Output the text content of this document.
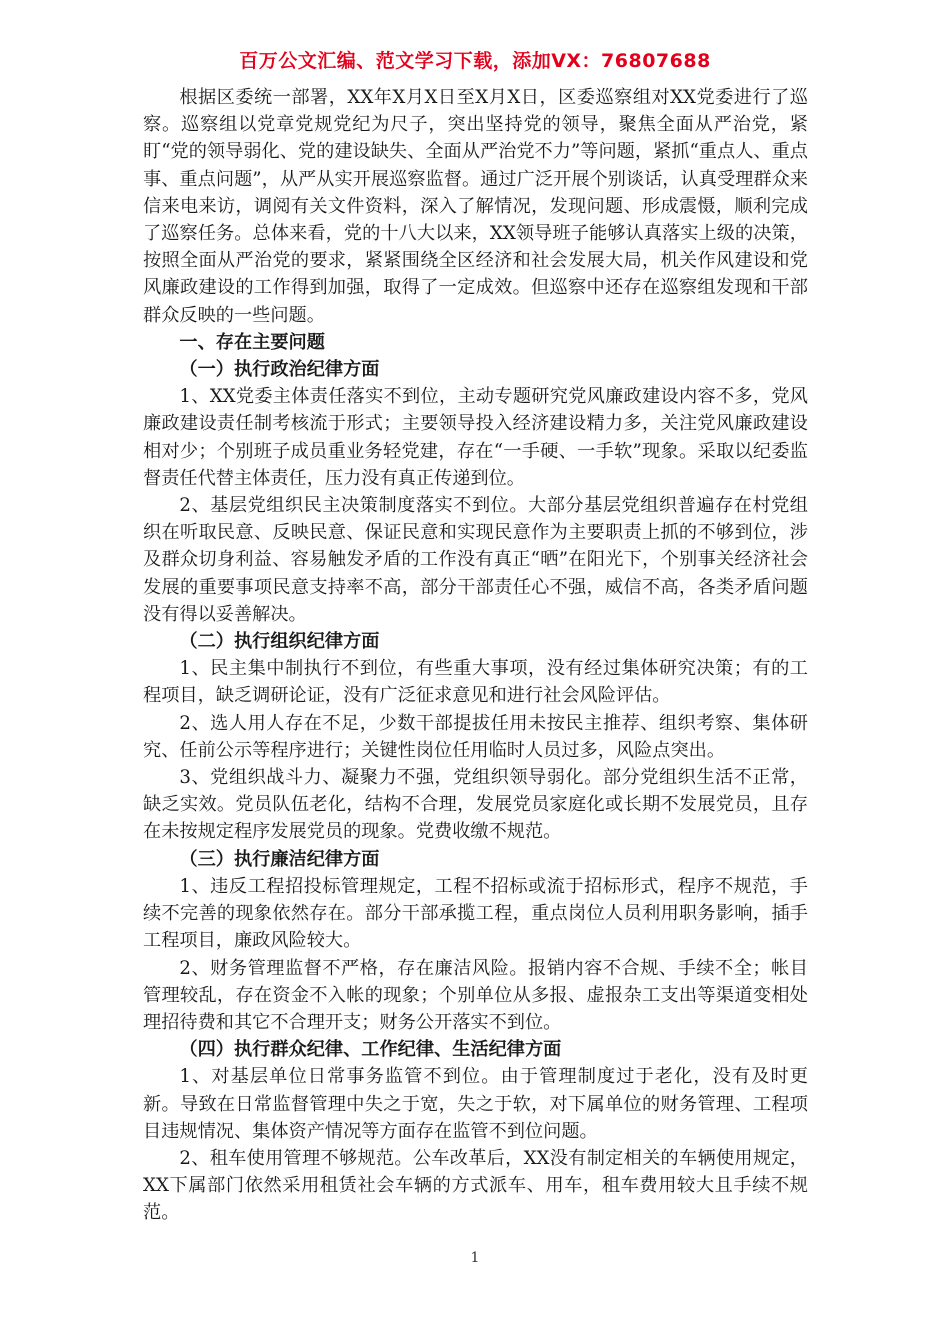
百万公文汇编、范文学习下载，添加VX：76807688

根据区委统一部署，XX年X月X日至X月X日，区委巡察组对XX党委进行了巡察。巡察组以党章党规党纪为尺子，突出坚持党的领导，聚焦全面从严治党，紧盯“党的领导弱化、党的建设缺失、全面从严治党不力”等问题，紧抓“重点人、重点事、重点问题”，从严从实开展巡察监督。通过广泛开展个别谈话，认真受理群众来信来电来访，调阅有关文件资料，深入了解情况，发现问题、形成震慑，顺利完成了巡察任务。总体来看，党的十八大以来，XX领导班子能够认真落实上级的决策，按照全面从严治党的要求，紧紧围绕全区经济和社会发展大局，机关作风建设和党风廉政建设的工作得到加强，取得了一定成效。但巡察中还存在巡察组发现和干部群众反映的一些问题。

一、存在主要问题
（一）执行政治纪律方面

1、XX党委主体责任落实不到位，主动专题研究党风廉政建设内容不多，党风廉政建设责任制考核流于形式；主要领导投入经济建设精力多，关注党风廉政建设相对少；个别班子成员重业务轻党建，存在“一手硬、一手软”现象。采取以纪委监督责任代替主体责任，压力没有真正传递到位。

2、基层党组织民主决策制度落实不到位。大部分基层党组织普遍存在村党组织在听取民意、反映民意、保证民意和实现民意作为主要职责上抓的不够到位，涉及群众切身利益、容易触发矛盾的工作没有真正“晒”在阳光下，个别事关经济社会发展的重要事项民意支持率不高，部分干部责任心不强，威信不高，各类矛盾问题没有得以妥善解决。

（二）执行组织纪律方面

1、民主集中制执行不到位，有些重大事项，没有经过集体研究决策；有的工程项目，缺乏调研论证，没有广泛征求意见和进行社会风险评估。

2、选人用人存在不足，少数干部提拔任用未按民主推荐、组织考察、集体研究、任前公示等程序进行；关键性岗位任用临时人员过多，风险点突出。

3、党组织战斗力、凝聚力不强，党组织领导弱化。部分党组织生活不正常，缺乏实效。党员队伍老化，结构不合理，发展党员家庭化或长期不发展党员，且存在未按规定程序发展党员的现象。党费收缴不规范。

（三）执行廉洁纪律方面

1、违反工程招投标管理规定，工程不招标或流于招标形式，程序不规范，手续不完善的现象依然存在。部分干部承揽工程，重点岗位人员利用职务影响，插手工程项目，廉政风险较大。

2、财务管理监督不严格，存在廉洁风险。报销内容不合规、手续不全；帐目管理较乱，存在资金不入帐的现象；个别单位从多报、虚报杂工支出等渠道变相处理招待费和其它不合理开支；财务公开落实不到位。

（四）执行群众纪律、工作纪律、生活纪律方面

1、对基层单位日常事务监管不到位。由于管理制度过于老化，没有及时更新。导致在日常监督管理中失之于宽，失之于软，对下属单位的财务管理、工程项目违规情况、集体资产情况等方面存在监管不到位问题。

2、租车使用管理不够规范。公车改革后，XX没有制定相关的车辆使用规定，XX下属部门依然采用租赁社会车辆的方式派车、用车，租车费用较大且手续不规范。

1
